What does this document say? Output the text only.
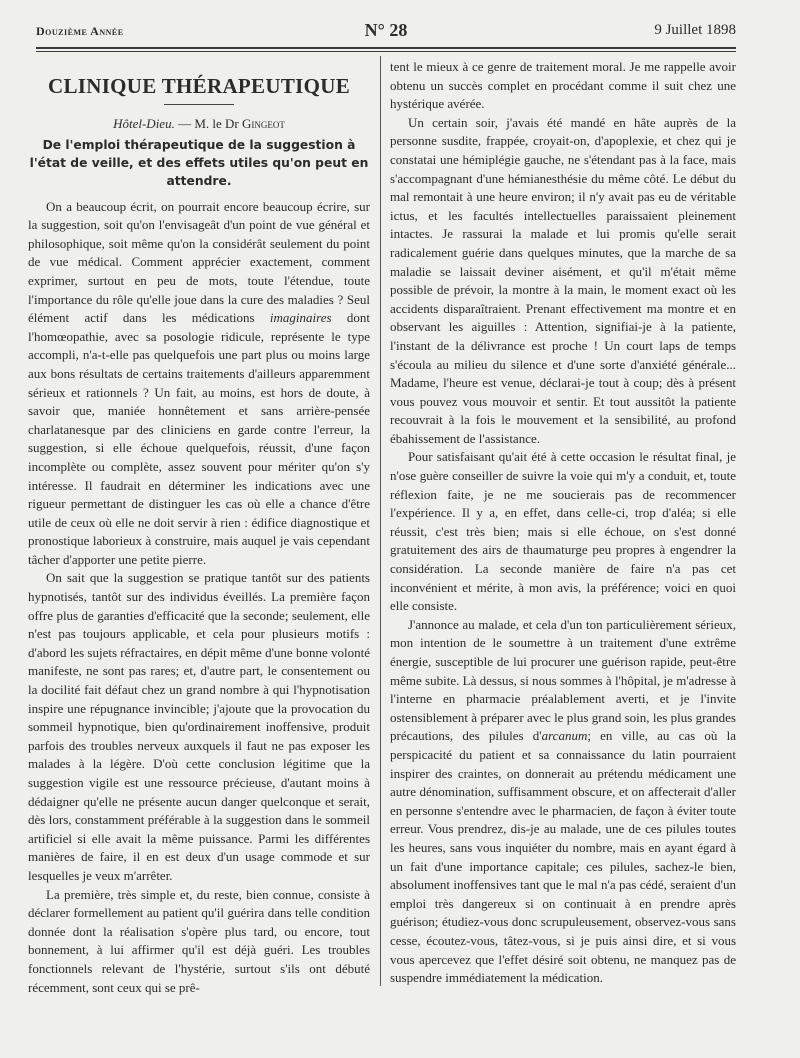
Douzième Année	N° 28	9 Juillet 1898
CLINIQUE THÉRAPEUTIQUE
Hôtel-Dieu. — M. le Dr Gingeot
De l'emploi thérapeutique de la suggestion à l'état de veille, et des effets utiles qu'on peut en attendre.

On a beaucoup écrit, on pourrait encore beaucoup écrire, sur la suggestion, soit qu'on l'envisageât d'un point de vue général et philosophique, soit même qu'on la considérât seulement du point de vue médical. Comment apprécier exactement, comment exprimer, surtout en peu de mots, toute l'étendue, toute l'importance du rôle qu'elle joue dans la cure des maladies ? Seul élément actif dans les médications imaginaires dont l'homœopathie, avec sa posologie ridicule, représente le type accompli, n'a-t-elle pas quelquefois une part plus ou moins large aux bons résultats de certains traitements d'ailleurs apparemment sérieux et rationnels ? Un fait, au moins, est hors de doute, à savoir que, maniée honnêtement et sans arrière-pensée charlatanesque par des cliniciens en garde contre l'erreur, la suggestion, si elle échoue quelquefois, réussit, d'une façon incomplète ou complète, assez souvent pour mériter qu'on s'y intéresse. Il faudrait en déterminer les indications avec une rigueur permettant de distinguer les cas où elle a chance d'être utile de ceux où elle ne doit servir à rien : édifice diagnostique et pronostique laborieux à construire, mais auquel je vais cependant tâcher d'apporter une petite pierre.

On sait que la suggestion se pratique tantôt sur des patients hypnotisés, tantôt sur des individus éveillés. La première façon offre plus de garanties d'efficacité que la seconde; seulement, elle n'est pas toujours applicable, et cela pour plusieurs motifs : d'abord les sujets réfractaires, en dépit même d'une bonne volonté manifeste, ne sont pas rares; et, d'autre part, le consentement ou la docilité fait défaut chez un grand nombre à qui l'hypnotisation inspire une répugnance invincible; j'ajoute que la provocation du sommeil hypnotique, bien qu'ordinairement inoffensive, produit parfois des troubles nerveux auxquels il faut ne pas exposer les malades à la légère. D'où cette conclusion légitime que la suggestion vigile est une ressource précieuse, d'autant moins à dédaigner qu'elle ne présente aucun danger quelconque et serait, dès lors, constamment préférable à la suggestion dans le sommeil artificiel si elle avait la même puissance. Parmi les différentes manières de faire, il en est deux d'un usage commode et sur lesquelles je veux m'arrêter.

La première, très simple et, du reste, bien connue, consiste à déclarer formellement au patient qu'il guérira dans telle condition donnée dont la réalisation s'opère plus tard, ou encore, tout bonnement, à lui affirmer qu'il est déjà guéri. Les troubles fonctionnels relevant de l'hystérie, surtout s'ils ont débuté récemment, sont ceux qui se prê-

tent le mieux à ce genre de traitement moral. Je me rappelle avoir obtenu un succès complet en procédant comme il suit chez une hystérique avérée.

Un certain soir, j'avais été mandé en hâte auprès de la personne susdite, frappée, croyait-on, d'apoplexie, et chez qui je constatai une hémiplégie gauche, ne s'étendant pas à la face, mais s'accompagnant d'une hémianesthésie du même côté. Le début du mal remontait à une heure environ; il n'y avait pas eu de véritable ictus, et les facultés intellectuelles paraissaient pleinement intactes. Je rassurai la malade et lui promis qu'elle serait radicalement guérie dans quelques minutes, que la marche de sa maladie se laissait deviner aisément, et qu'il m'était même possible de prévoir, la montre à la main, le moment exact où les accidents disparaîtraient. Prenant effectivement ma montre et en observant les aiguilles : Attention, signifiai-je à la patiente, l'instant de la délivrance est proche ! Un court laps de temps s'écoula au milieu du silence et d'une sorte d'anxiété générale... Madame, l'heure est venue, déclarai-je tout à coup; dès à présent vous pouvez vous mouvoir et sentir. Et tout aussitôt la patiente recouvrait à la fois le mouvement et la sensibilité, au profond ébahissement de l'assistance.

Pour satisfaisant qu'ait été à cette occasion le résultat final, je n'ose guère conseiller de suivre la voie qui m'y a conduit, et, toute réflexion faite, je ne me soucierais pas de recommencer l'expérience. Il y a, en effet, dans celle-ci, trop d'aléa; si elle réussit, c'est très bien; mais si elle échoue, on s'est donné gratuitement des airs de thaumaturge peu propres à engendrer la considération. La seconde manière de faire n'a pas cet inconvénient et mérite, à mon avis, la préférence; voici en quoi elle consiste.

J'annonce au malade, et cela d'un ton particulièrement sérieux, mon intention de le soumettre à un traitement d'une extrême énergie, susceptible de lui procurer une guérison rapide, peut-être même subite. Là dessus, si nous sommes à l'hôpital, je m'adresse à l'interne en pharmacie préalablement averti, et je l'invite ostensiblement à préparer avec le plus grand soin, les plus grandes précautions, des pilules d'arcanum; en ville, au cas où la perspicacité du patient et sa connaissance du latin pourraient inspirer des craintes, on donnerait au prétendu médicament une autre dénomination, suffisamment obscure, et on affecterait d'aller en personne s'entendre avec le pharmacien, de façon à éviter toute erreur. Vous prendrez, dis-je au malade, une de ces pilules toutes les heures, sans vous inquiéter du nombre, mais en ayant égard à un fait d'une importance capitale; ces pilules, sachez-le bien, absolument inoffensives tant que le mal n'a pas cédé, seraient d'un emploi très dangereux si on continuait à en prendre après guérison; étudiez-vous donc scrupuleusement, observez-vous sans cesse, écoutez-vous, tâtez-vous, si je puis ainsi dire, et si vous vous apercevez que l'effet désiré soit obtenu, ne manquez pas de suspendre immédiatement la médication.
